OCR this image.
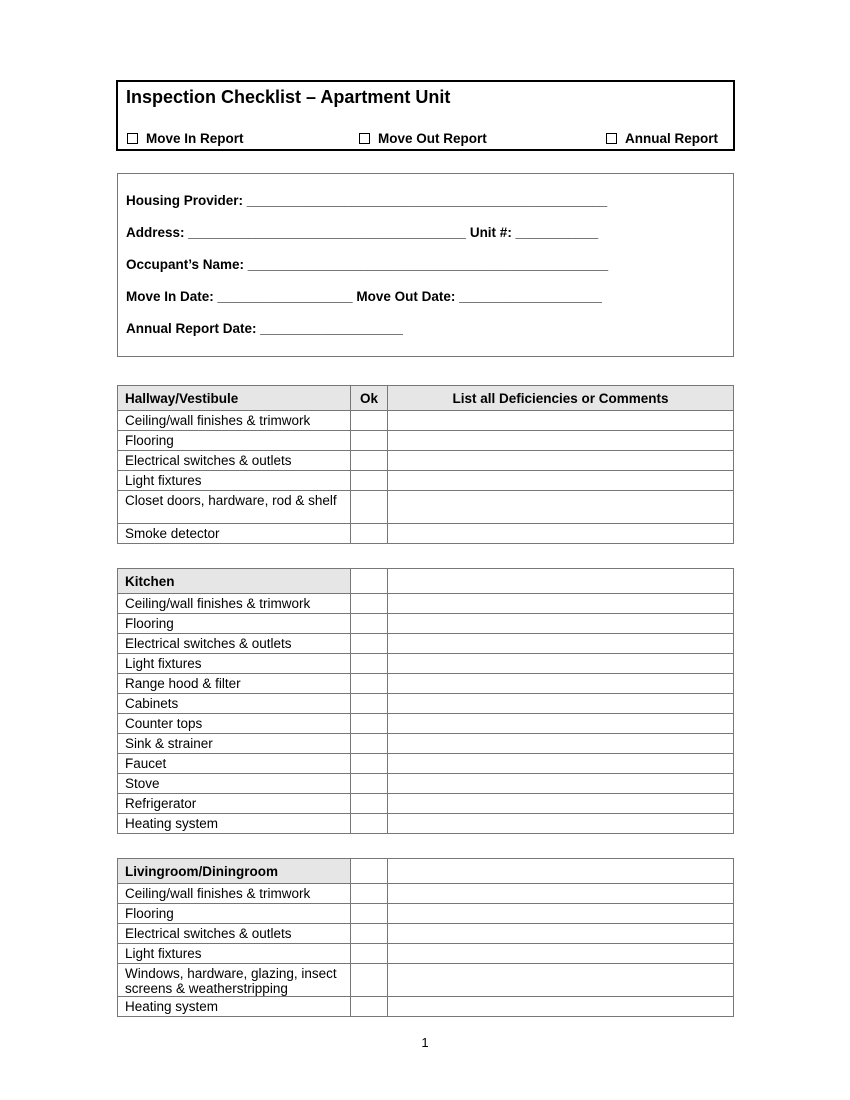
Inspection Checklist – Apartment Unit
Move In Report	Move Out Report	Annual Report
Housing Provider: ________________________________________________
Address: _____________________________________ Unit #: ___________
Occupant’s Name: ________________________________________________
Move In Date: __________________ Move Out Date: ___________________
Annual Report Date: ___________________
Hallway/Vestibule	Ok	List all Deficiencies or Comments
Ceiling/wall finishes & trimwork		
Flooring		
Electrical switches & outlets		
Light fixtures		
Closet doors, hardware, rod & shelf		
Smoke detector		
Kitchen		
Ceiling/wall finishes & trimwork		
Flooring		
Electrical switches & outlets		
Light fixtures		
Range hood & filter		
Cabinets		
Counter tops		
Sink & strainer		
Faucet		
Stove		
Refrigerator		
Heating system		
Livingroom/Diningroom		
Ceiling/wall finishes & trimwork		
Flooring		
Electrical switches & outlets		
Light fixtures		
Windows, hardware, glazing, insect screens & weatherstripping		
Heating system		
1
